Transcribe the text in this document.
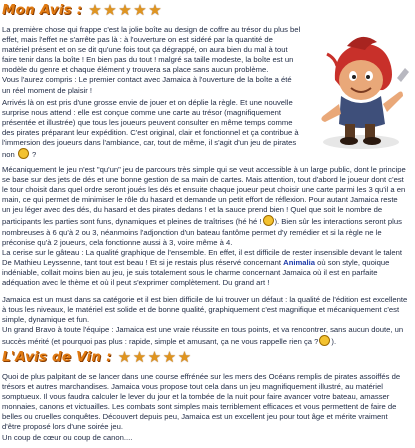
Mon Avis : ★ ★ ★ ★ ★

La première chose qui frappe c'est la jolie boîte au design de coffre au trésor du plus bel effet, mais l'effet ne s'arrête pas là : à l'ouverture on est sidéré par la quantité de matériel présent et on se dit qu'une fois tout ça dégrappé, on aura bien du mal à tout faire tenir dans la boîte ! En bien pas du tout ! malgré sa taille modeste, la boîte est un modèle du genre et chaque élément y trouvera sa place sans aucun problème.

Vous l'aurez compris : Le premier contact avec Jamaica à l'ouverture de la boîte a été un réel moment de plaisir !

Arrivés là on est pris d'une grosse envie de jouer et on déplie la règle. Et une nouvelle surprise nous attend : elle est conçue comme une carte au trésor (magnifiquement présentée et illustrée) que tous les joueurs peuvent consulter en même temps comme des pirates préparant leur expédition. C'est original, clair et fonctionnel et ça contribue à l'immersion des joueurs dans l'ambiance, car, tout de même, il s'agit d'un jeu de pirates non  ?

Mécaniquement le jeu n'est "qu'un" jeu de parcours très simple qui se veut accessible à un large public, dont le principe se base sur des jets de dés et une bonne gestion de sa main de cartes. Mais attention, tout d'abord le joueur dont c'est le tour choisit dans quel ordre seront joués les dés et ensuite chaque joueur peut choisir une carte parmi les 3 qu'il a en main, ce qui permet de minimiser le rôle du hasard et demande un petit effort de réflexion. Pour autant Jamaica reste un jeu léger avec des dés, du hasard et des pirates dedans ! et la sauce prend bien ! Quel que soit le nombre de participants les parties sont funs, dynamiques et pleines de traîtrises (hé hé ! ). Bien sûr les interactions seront plus nombreuses à 6 qu'à 2 ou 3, néanmoins l'adjonction d'un bateau fantôme permet d'y remédier et si la règle ne le préconise qu'à 2 joueurs, cela fonctionne aussi à 3, voire même à 4.

La cerise sur le gâteau : La qualité graphique de l'ensemble. En effet, il est difficile de rester insensible devant le talent De Mathieu Leyssenne, tant tout est beau ! Et si je restais plus réservé concernant Animalia où son style, quoique indéniable, collait moins bien au jeu, je suis totalement sous le charme concernant Jamaica où il est en parfaite adéquation avec le thème et où il peut s'exprimer complètement. Du grand art !

Jamaica est un must dans sa catégorie et il est bien difficile de lui trouver un défaut : la qualité de l'édition est excellente à tous les niveaux, le matériel est solide et de bonne qualité, graphiquement c'est magnifique et mécaniquement c'est simple, dynamique et fun.

Un grand Bravo à toute l'équipe : Jamaica est une vraie réussite en tous points, et va rencontrer, sans aucun doute, un succès mérité (et pourquoi pas plus : rapide, simple et amusant, ça ne vous rappelle rien ça ? ).

L'Avis de Vin : ★ ★ ★ ★ ★

Quoi de plus palpitant de se lancer dans une course effrénée sur les mers des Océans remplis de pirates assoiffés de trésors et autres marchandises. Jamaica vous propose tout cela dans un jeu magnifiquement illustré, au matériel somptueux. Il vous faudra calculer le lever du jour et la tombée de la nuit pour faire avancer votre bateau, amasser monnaies, canons et victuailles. Les combats sont simples mais terriblement efficaces et vous permettent de faire de belles ou cruelles conquêtes. Découvert depuis peu, Jamaica est un excellent jeu pour tout âge et mérite vraiment d'être proposé lors d'une soirée jeu.

Un coup de cœur ou coup de canon....
